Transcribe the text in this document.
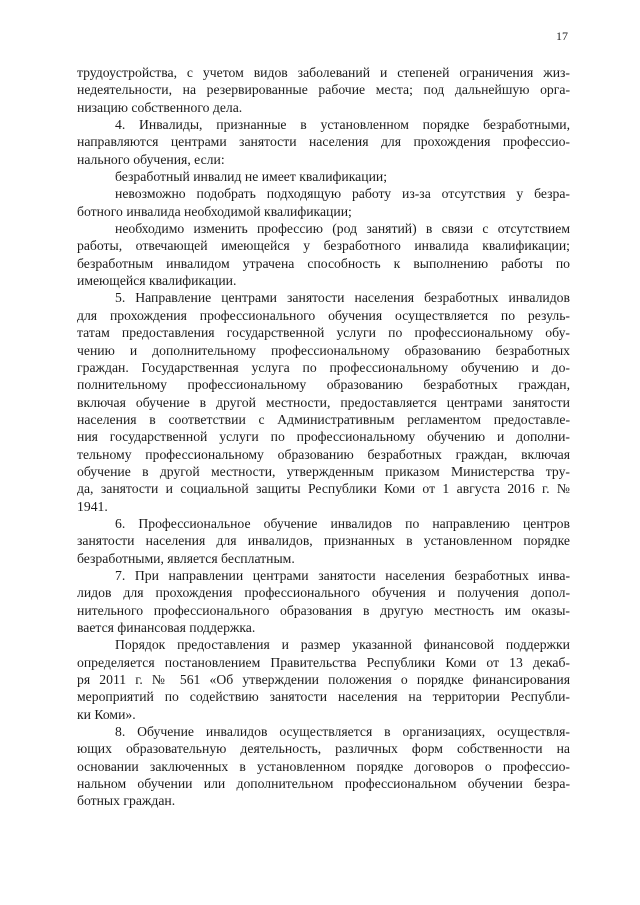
17
трудоустройства, с учетом видов заболеваний и степеней ограничения жиз-
недеятельности, на резервированные рабочие места; под дальнейшую орга-
низацию собственного дела.
4. Инвалиды, признанные в установленном порядке безработными,
направляются центрами занятости населения для прохождения профессио-
нального обучения, если:
безработный инвалид не имеет квалификации;
невозможно подобрать подходящую работу из-за отсутствия у безра-
ботного инвалида необходимой квалификации;
необходимо изменить профессию (род занятий) в связи с отсутствием
работы, отвечающей имеющейся у безработного инвалида квалификации;
безработным инвалидом утрачена способность к выполнению работы по
имеющейся квалификации.
5. Направление центрами занятости населения безработных инвалидов
для прохождения профессионального обучения осуществляется по резуль-
татам предоставления государственной услуги по профессиональному обу-
чению и дополнительному профессиональному образованию безработных
граждан. Государственная услуга по профессиональному обучению и до-
полнительному профессиональному образованию безработных граждан,
включая обучение в другой местности, предоставляется центрами занятости
населения в соответствии с Административным регламентом предоставле-
ния государственной услуги по профессиональному обучению и дополни-
тельному профессиональному образованию безработных граждан, включая
обучение в другой местности, утвержденным приказом Министерства тру-
да, занятости и социальной защиты Республики Коми от 1 августа 2016 г. №
1941.
6. Профессиональное обучение инвалидов по направлению центров
занятости населения для инвалидов, признанных в установленном порядке
безработными, является бесплатным.
7. При направлении центрами занятости населения безработных инва-
лидов для прохождения профессионального обучения и получения допол-
нительного профессионального образования в другую местность им оказы-
вается финансовая поддержка.
Порядок предоставления и размер указанной финансовой поддержки
определяется постановлением Правительства Республики Коми от 13 декаб-
ря 2011 г. № 561 «Об утверждении положения о порядке финансирования
мероприятий по содействию занятости населения на территории Республи-
ки Коми».
8. Обучение инвалидов осуществляется в организациях, осуществля-
ющих образовательную деятельность, различных форм собственности на
основании заключенных в установленном порядке договоров о профессио-
нальном обучении или дополнительном профессиональном обучении безра-
ботных граждан.
